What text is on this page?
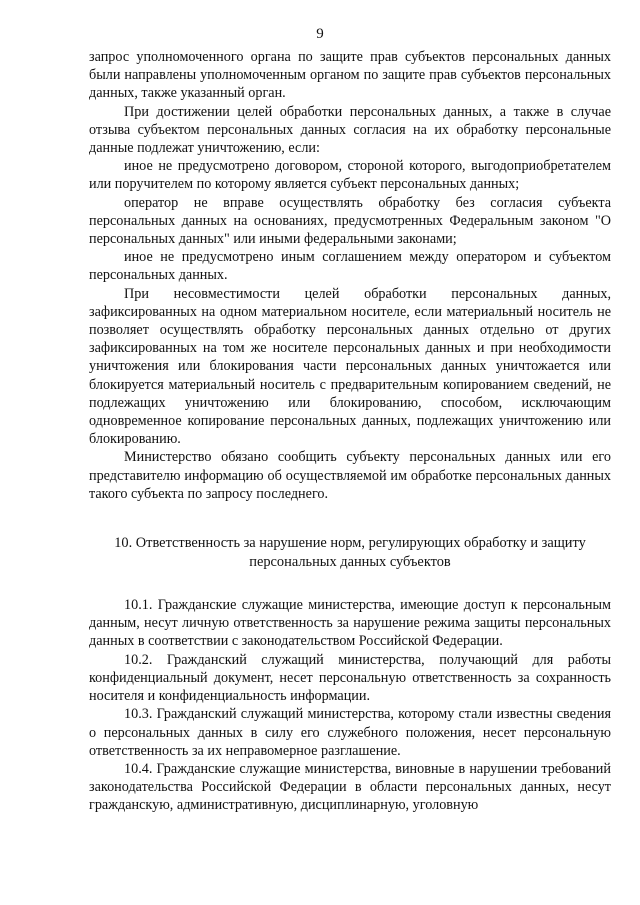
9

запрос уполномоченного органа по защите прав субъектов персональных данных были направлены уполномоченным органом по защите прав субъектов персональных данных, также указанный орган.

При достижении целей обработки персональных данных, а также в случае отзыва субъектом персональных данных согласия на их обработку персональные данные подлежат уничтожению, если:

иное не предусмотрено договором, стороной которого, выгодоприобретателем или поручителем по которому является субъект персональных данных;

оператор не вправе осуществлять обработку без согласия субъекта персональных данных на основаниях, предусмотренных Федеральным законом "О персональных данных" или иными федеральными законами;

иное не предусмотрено иным соглашением между оператором и субъектом персональных данных.

При несовместимости целей обработки персональных данных, зафиксированных на одном материальном носителе, если материальный носитель не позволяет осуществлять обработку персональных данных отдельно от других зафиксированных на том же носителе персональных данных и при необходимости уничтожения или блокирования части персональных данных уничтожается или блокируется материальный носитель с предварительным копированием сведений, не подлежащих уничтожению или блокированию, способом, исключающим одновременное копирование персональных данных, подлежащих уничтожению или блокированию.

Министерство обязано сообщить субъекту персональных данных или его представителю информацию об осуществляемой им обработке персональных данных такого субъекта по запросу последнего.

10. Ответственность за нарушение норм, регулирующих обработку и защиту
персональных данных субъектов

10.1. Гражданские служащие министерства, имеющие доступ к персональным данным, несут личную ответственность за нарушение режима защиты персональных данных в соответствии с законодательством Российской Федерации.

10.2. Гражданский служащий министерства, получающий для работы конфиденциальный документ, несет персональную ответственность за сохранность носителя и конфиденциальность информации.

10.3. Гражданский служащий министерства, которому стали известны сведения о персональных данных в силу его служебного положения, несет персональную ответственность за их неправомерное разглашение.

10.4. Гражданские служащие министерства, виновные в нарушении требований законодательства Российской Федерации в области персональных данных, несут гражданскую, административную, дисциплинарную, уголовную
